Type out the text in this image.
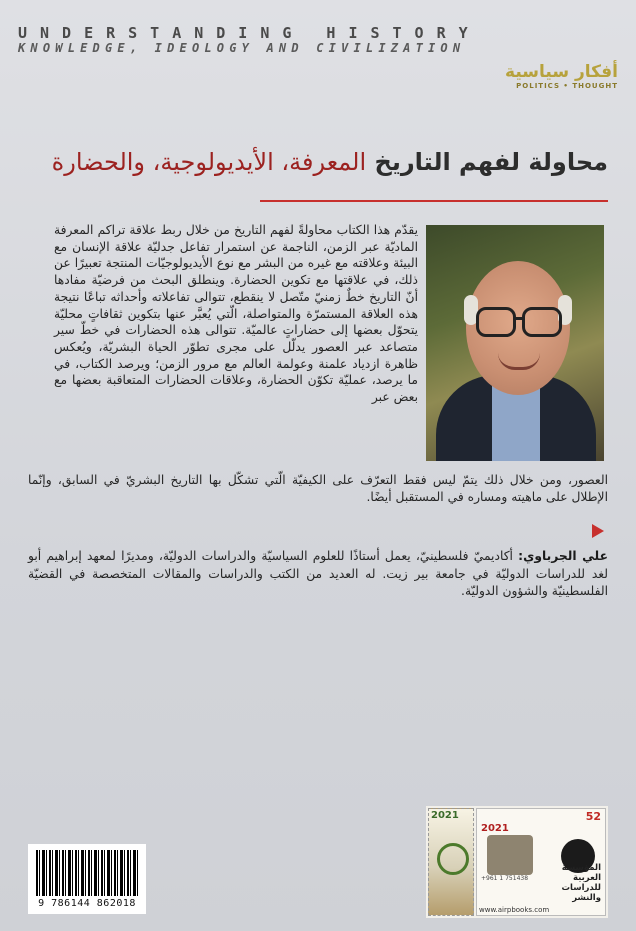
UNDERSTANDING HISTORY
KNOWLEDGE, IDEOLOGY AND CIVILIZATION
أفكار سياسية
POLITICS • THOUGHT
محاولة لفهم التاريخ المعرفة، الأيديولوجية، والحضارة
يقدّم هذا الكتاب محاولةً لفهم التاريخ من خلال ربط علاقة تراكم المعرفة الماديّة عبر الزمن، الناجمة عن استمرار تفاعل جدليّة علاقة الإنسان مع البيئة وعلاقته مع غيره من البشر مع نوع الأيديولوجيّات المنتجة تعبيرًا عن ذلك، في علاقتها مع تكوين الحضارة. وينطلق البحث من فرضيّة مفادها أنّ التاريخ خطٌ زمنيّ متّصل لا ينقطع، تتوالى تفاعلاته وأحداثه تباعًا نتيجة هذه العلاقة المستمرّة والمتواصلة، الّتي يُعبَّر عنها بتكوين ثقافاتٍ محليّة يتحوّل بعضها إلى حضاراتٍ عالميّة. تتوالى هذه الحضارات في خطّ سير متصاعد عبر العصور يدلّل على مجرى تطوّر الحياة البشريّة، ويُعكس ظاهرة ازدياد علمنة وعولمة العالم مع مرور الزمن؛ ويرصد الكتاب، في ما يرصد، عمليّة تكوّن الحضارة، وعلاقات الحضارات المتعاقبة بعضها مع بعض عبر
العصور، ومن خلال ذلك يتمّ ليس فقط التعرّف على الكيفيّة الّتي تشكّل بها التاريخ البشريّ في السابق، وإنّما الإطلال على ماهيته ومساره في المستقبل أيضًا.
علي الجرباوي: أكاديميّ فلسطينيّ، يعمل أستاذًا للعلوم السياسيّة والدراسات الدوليّة، ومديرًا لمعهد إبراهيم أبو لغد للدراسات الدوليّة في جامعة بير زيت. له العديد من الكتب والدراسات والمقالات المتخصصة في القضيّة الفلسطينيّة والشؤون الدوليّة.
9 786144 862018
2021	52
2021
+961 1 751438
المؤسسة العربية للدراسات والنشر
www.airpbooks.com
